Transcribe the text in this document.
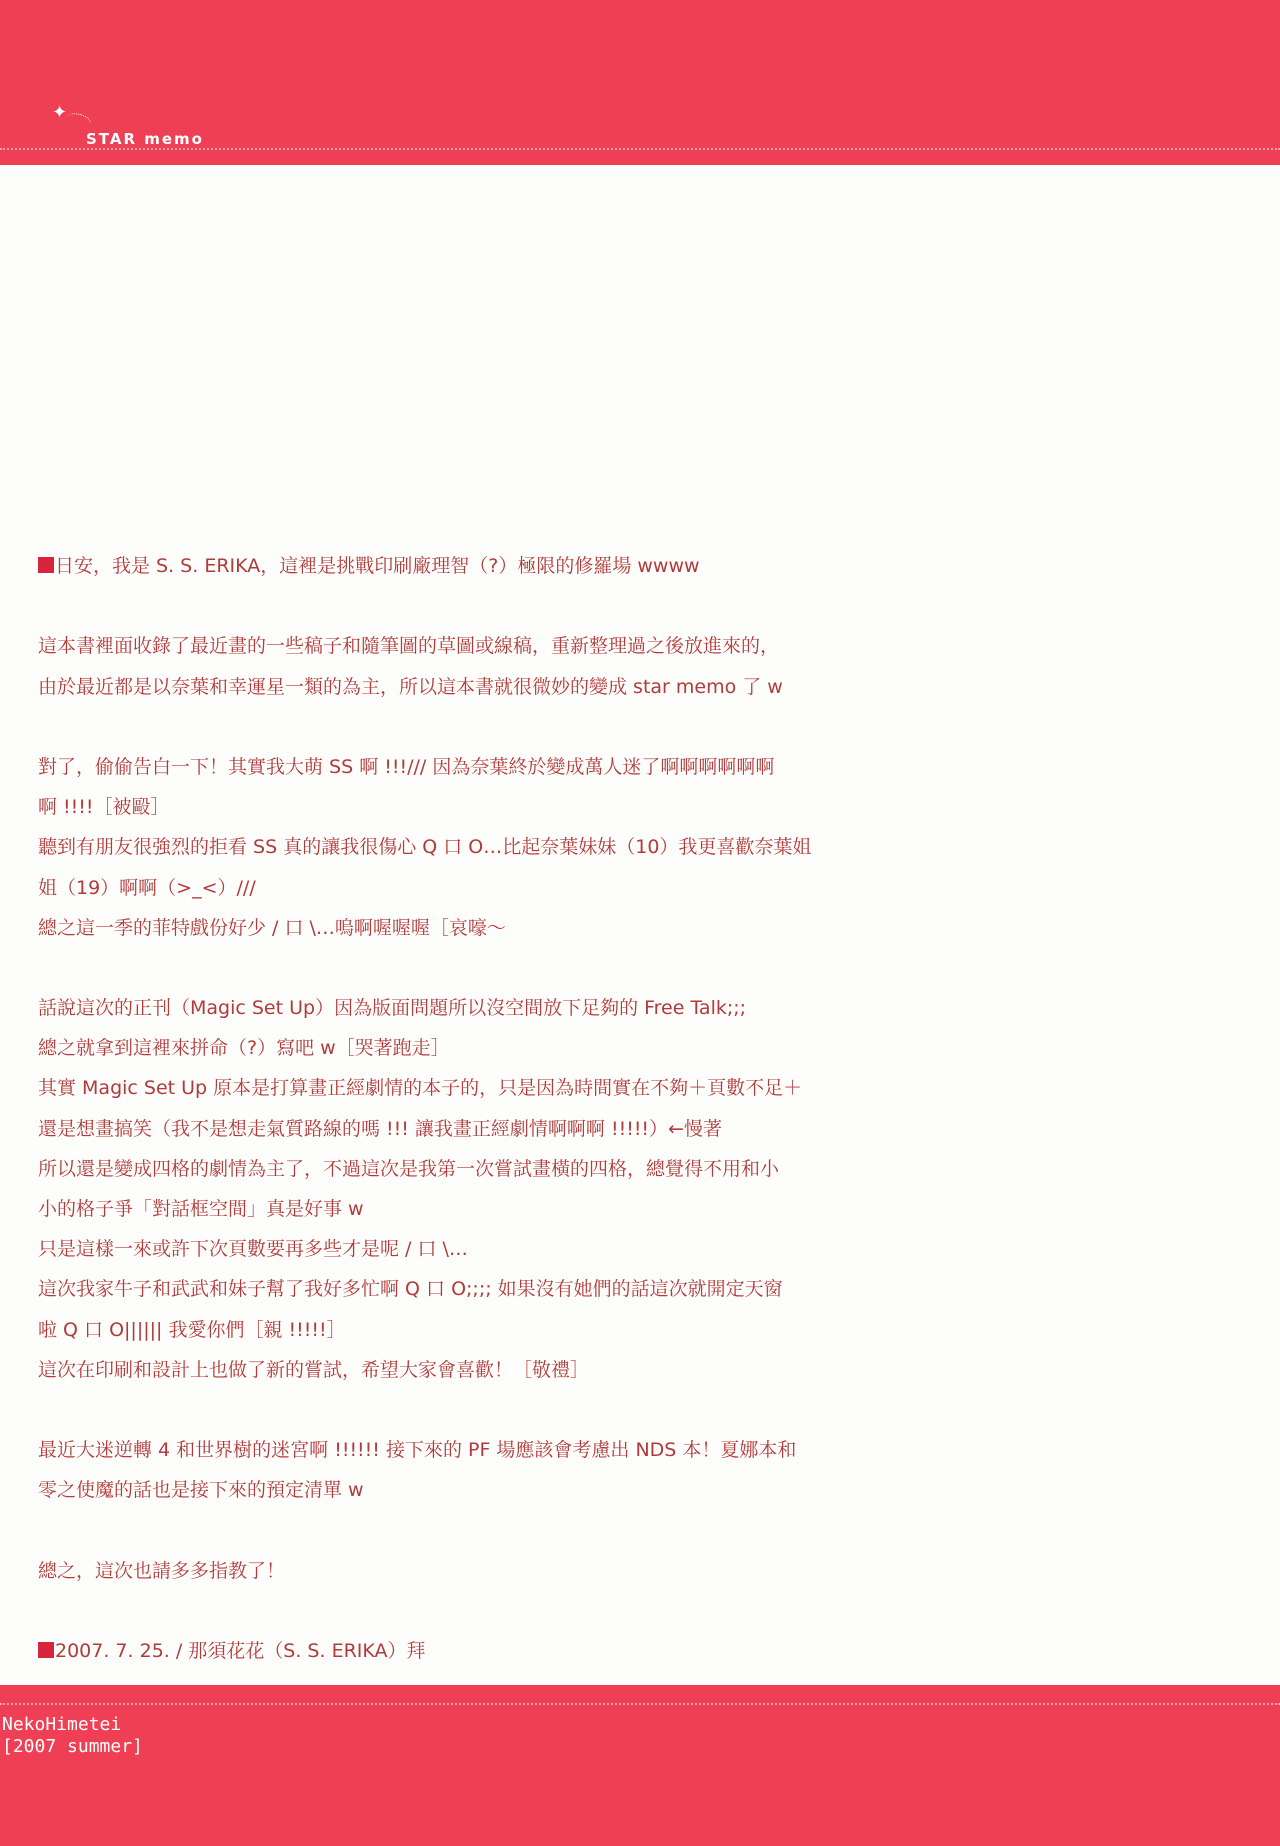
✦
STAR memo
日安，我是 S. S. ERIKA，這裡是挑戰印刷廠理智（?）極限的修羅場 wwww
這本書裡面收錄了最近畫的一些稿子和隨筆圖的草圖或線稿，重新整理過之後放進來的，
由於最近都是以奈葉和幸運星一類的為主，所以這本書就很微妙的變成 star memo 了 w
對了，偷偷告白一下！其實我大萌 SS 啊 !!!/// 因為奈葉終於變成萬人迷了啊啊啊啊啊啊
啊 !!!!［被毆］
聽到有朋友很強烈的拒看 SS 真的讓我很傷心 Q 口 O…比起奈葉妹妹（10）我更喜歡奈葉姐
姐（19）啊啊（>_<）///
總之這一季的菲特戲份好少 / 口 \…嗚啊喔喔喔［哀嚎～
話說這次的正刊（Magic Set Up）因為版面問題所以沒空間放下足夠的 Free Talk;;;
總之就拿到這裡來拼命（?）寫吧 w［哭著跑走］
其實 Magic Set Up 原本是打算畫正經劇情的本子的，只是因為時間實在不夠＋頁數不足＋
還是想畫搞笑（我不是想走氣質路線的嗎 !!! 讓我畫正經劇情啊啊啊 !!!!!）←慢著
所以還是變成四格的劇情為主了，不過這次是我第一次嘗試畫橫的四格，總覺得不用和小
小的格子爭「對話框空間」真是好事 w
只是這樣一來或許下次頁數要再多些才是呢 / 口 \…
這次我家牛子和武武和妹子幫了我好多忙啊 Q 口 O;;;; 如果沒有她們的話這次就開定天窗
啦 Q 口 O|||||| 我愛你們［親 !!!!!］
這次在印刷和設計上也做了新的嘗試，希望大家會喜歡！［敬禮］
最近大迷逆轉 4 和世界樹的迷宮啊 !!!!!! 接下來的 PF 場應該會考慮出 NDS 本！夏娜本和
零之使魔的話也是接下來的預定清單 w
總之，這次也請多多指教了！
2007. 7. 25. / 那須花花（S. S. ERIKA）拜
NekoHimetei
[2007 summer]
